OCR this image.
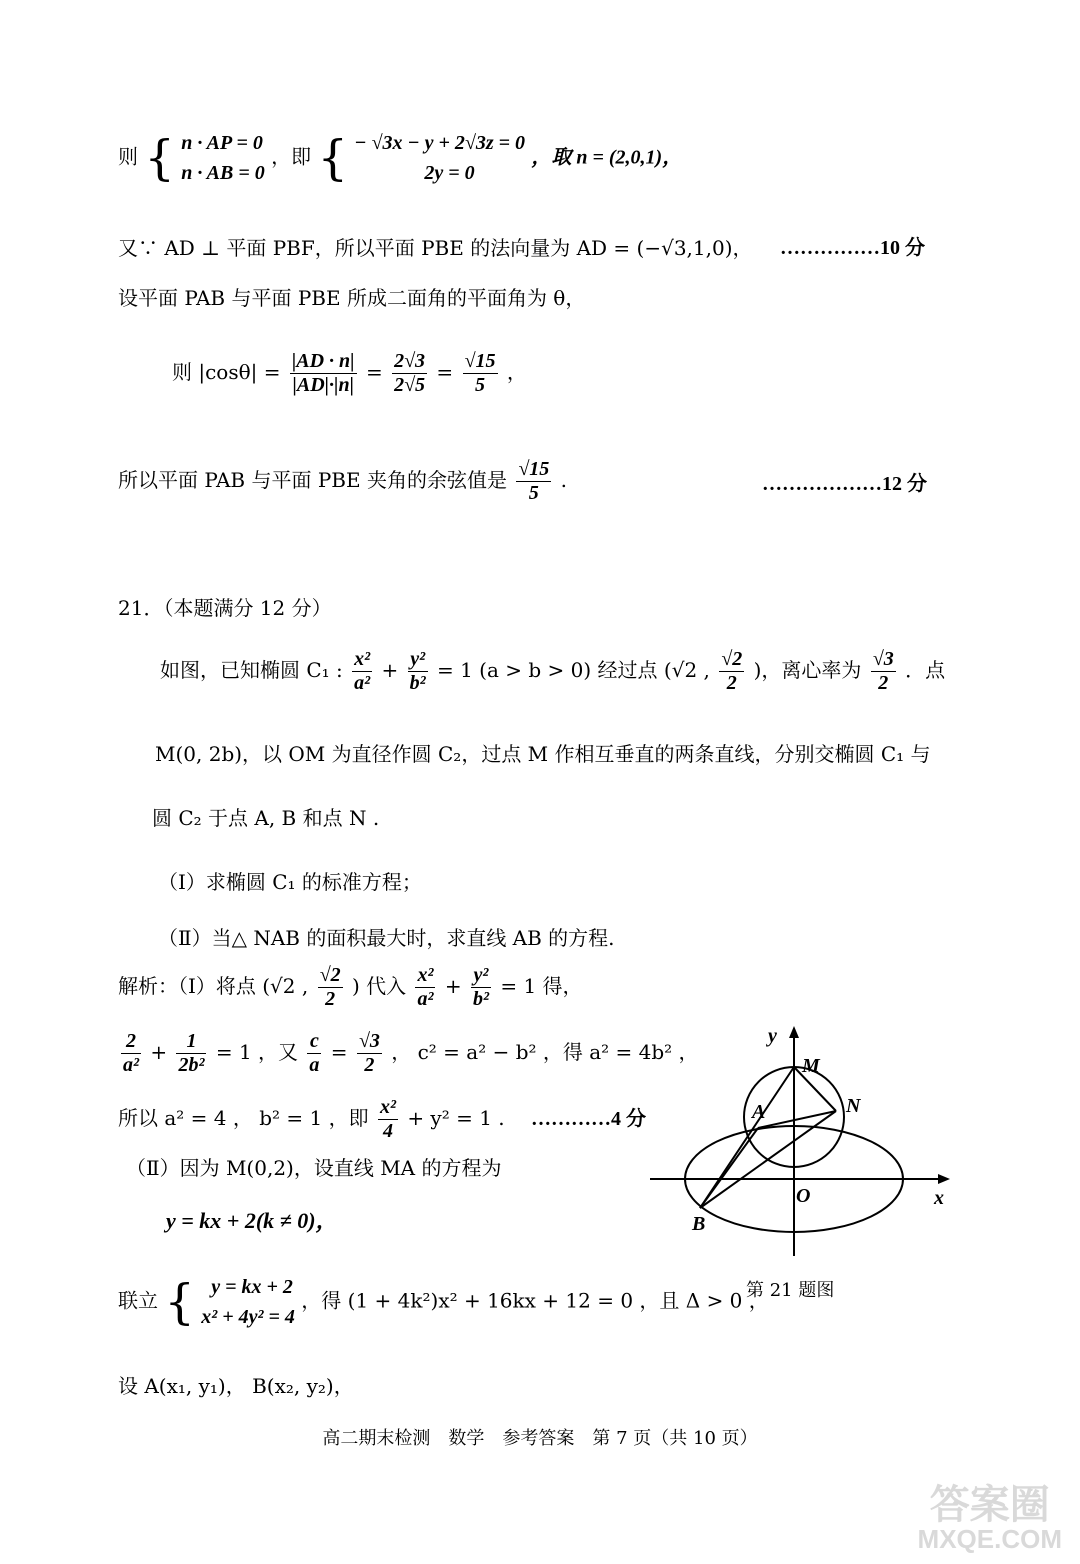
则 { n · AP = 0
n · AB = 0
，即 { − √3x − y + 2√3z = 0
2y = 0
，取 n = (2,0,1)，
又∵ AD ⊥ 平面 PBF，所以平面 PBE 的法向量为 AD = (−√3,1,0)， ……………10 分
设平面 PAB 与平面 PBE 所成二面角的平面角为 θ，
则 $|\cos\theta| = \frac{|AD \cdot n|}{|AD|\cdot|n|} = \frac{2√3}{2√5} = \frac{√15}{5}$ ，
所以平面 PAB 与平面 PBE 夹角的余弦值是 $\frac{√15}{5}$ .	………………12 分
21．（本题满分 12 分）
如图，已知椭圆 C₁ : $\frac{\text{x²}}{\text{a²}} + \frac{\text{y²}}{\text{b²}} = 1$ (a > b > 0) 经过点 (√2 , $\frac{√2}{2}$ )，离心率为 $\frac{√3}{2}$ ．点
M(0, 2b)，以 OM 为直径作圆 C₂，过点 M 作相互垂直的两条直线，分别交椭圆 C₁ 与
圆 C₂ 于点 A, B 和点 N .
（Ⅰ）求椭圆 C₁ 的标准方程；
（Ⅱ）当△ NAB 的面积最大时，求直线 AB 的方程.
解析：（Ⅰ）将点 (√2 , $\frac{√2}{2}$ ) 代入 $\frac{\text{x²}}{\text{a²}} + \frac{\text{y²}}{\text{b²}} = 1$ 得，
$\frac{2}{\text{a²}} + \frac{1}{\text{2b²}} = 1$ ，又 $\frac{c}{a} = \frac{√3}{2}$ ， c² = a² − b² ，得 a² = 4b² ，
所以 a² = 4 ， b² = 1 ，即 $\frac{\text{x²}}{4} + y^2 = 1$ . …………4 分
（Ⅱ）因为 M(0,2)，设直线 MA 的方程为
y = kx + 2(k ≠ 0)，
联立 { y = kx + 2
x² + 4y² = 4
，得 (1 + 4k²)x² + 16kx + 12 = 0 ，且 Δ > 0 ，
设 A(x₁, y₁)， B(x₂, y₂)，
y
x
M
N
A
B
O
第 21 题图
高二期末检测　数学　参考答案　第 7 页（共 10 页）
答案圈
MXQE.COM
